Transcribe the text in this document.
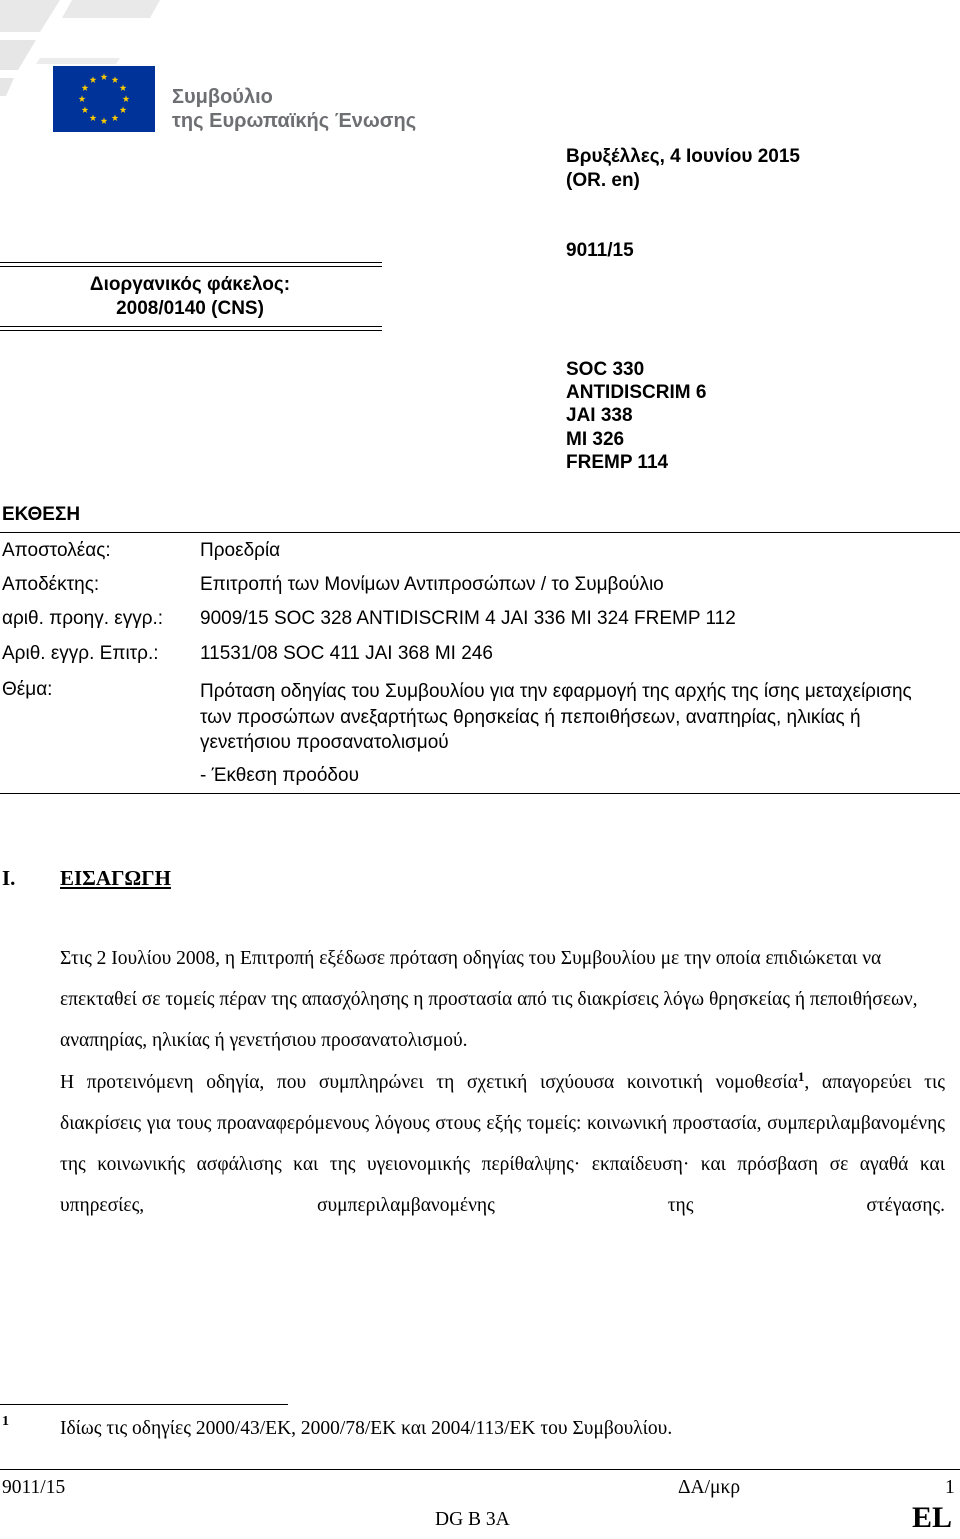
Συμβούλιο
της Ευρωπαϊκής Ένωσης
Βρυξέλλες, 4 Ιουνίου 2015
(OR. en)
9011/15
Διοργανικός φάκελος:
2008/0140 (CNS)
SOC 330
ANTIDISCRIM 6
JAI 338
MI 326
FREMP 114
ΕΚΘΕΣΗ
Αποστολέας:	Προεδρία
Αποδέκτης:	Επιτροπή των Μονίμων Αντιπροσώπων / το Συμβούλιο
αριθ. προηγ. εγγρ.: 9009/15 SOC 328 ANTIDISCRIM 4 JAI 336 MI 324 FREMP 112
Αριθ. εγγρ. Επιτρ.: 11531/08 SOC 411 JAI 368 MI 246
Θέμα:	Πρόταση οδηγίας του Συμβουλίου για την εφαρμογή της αρχής της ίσης μεταχείρισης των προσώπων ανεξαρτήτως θρησκείας ή πεποιθήσεων, αναπηρίας, ηλικίας ή γενετήσιου προσανατολισμού
- Έκθεση προόδου
I. ΕΙΣΑΓΩΓΗ
Στις 2 Ιουλίου 2008, η Επιτροπή εξέδωσε πρόταση οδηγίας του Συμβουλίου με την οποία επιδιώκεται να επεκταθεί σε τομείς πέραν της απασχόλησης η προστασία από τις διακρίσεις λόγω θρησκείας ή πεποιθήσεων, αναπηρίας, ηλικίας ή γενετήσιου προσανατολισμού.
Η προτεινόμενη οδηγία, που συμπληρώνει τη σχετική ισχύουσα κοινοτική νομοθεσία$^1$, απαγορεύει τις διακρίσεις για τους προαναφερόμενους λόγους στους εξής τομείς: κοινωνική προστασία, συμπεριλαμβανομένης της κοινωνικής ασφάλισης και της υγειονομικής περίθαλψης· εκπαίδευση· και πρόσβαση σε αγαθά και υπηρεσίες, συμπεριλαμβανομένης της στέγασης.
1	Ιδίως τις οδηγίες 2000/43/ΕΚ, 2000/78/ΕΚ και 2004/113/ΕΚ του Συμβουλίου.
9011/15	ΔΑ/μκρ	1
DG B 3A	EL
